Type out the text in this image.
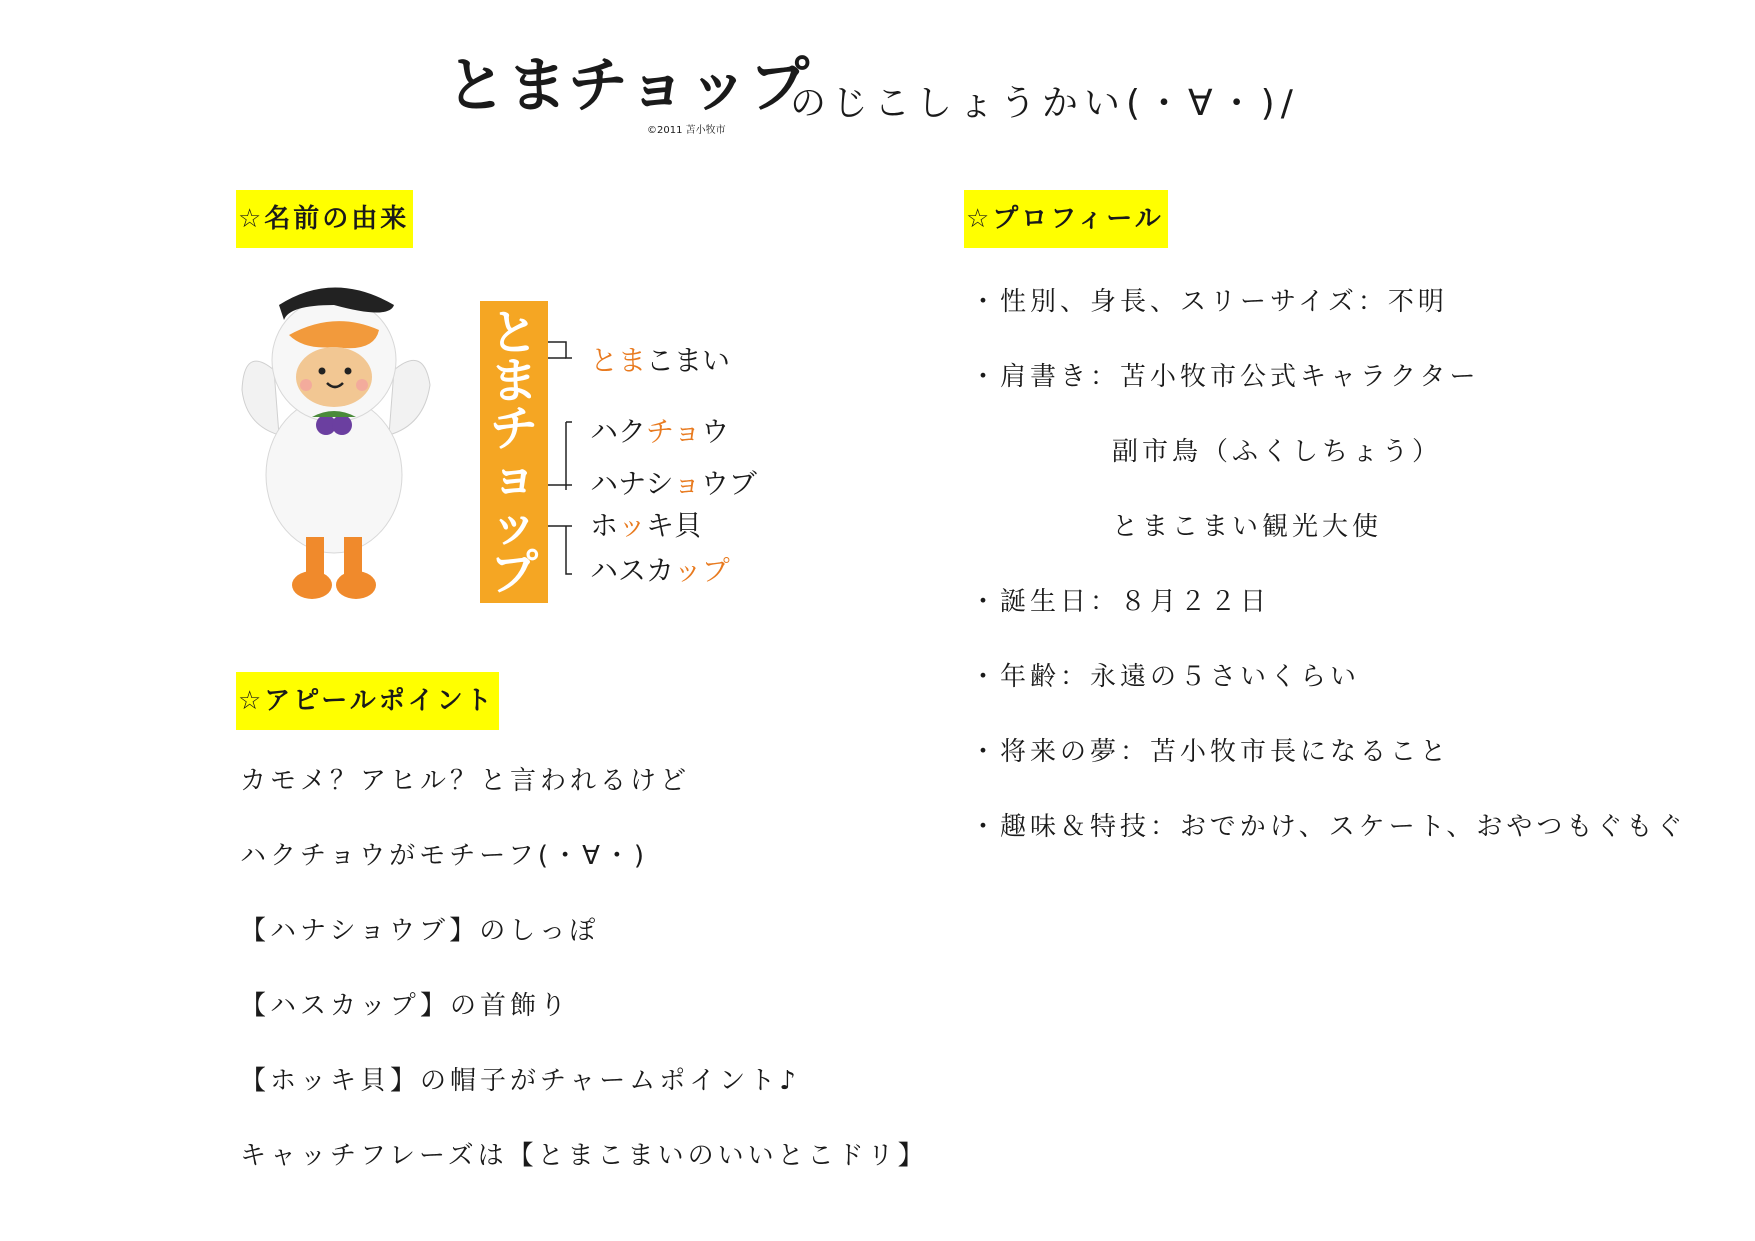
とまチョップ
©2011 苫小牧市
のじこしょうかい(・∀・)/
☆名前の由来
と
ま
チ
ョ
ッ
プ
とまこまい
ハクチョウ
ハナショウブ
ホッキ貝
ハスカップ
☆アピールポイント
カモメ？アヒル？と言われるけど
ハクチョウがモチーフ(・∀・)
【ハナショウブ】のしっぽ
【ハスカップ】の首飾り
【ホッキ貝】の帽子がチャームポイント♪
キャッチフレーズは【とまこまいのいいとこドリ】
☆プロフィール
・性別、身長、スリーサイズ：不明
・肩書き：苫小牧市公式キャラクター
副市鳥（ふくしちょう）
とまこまい観光大使
・誕生日：８月２２日
・年齢：永遠の５さいくらい
・将来の夢：苫小牧市長になること
・趣味＆特技：おでかけ、スケート、おやつもぐもぐ
